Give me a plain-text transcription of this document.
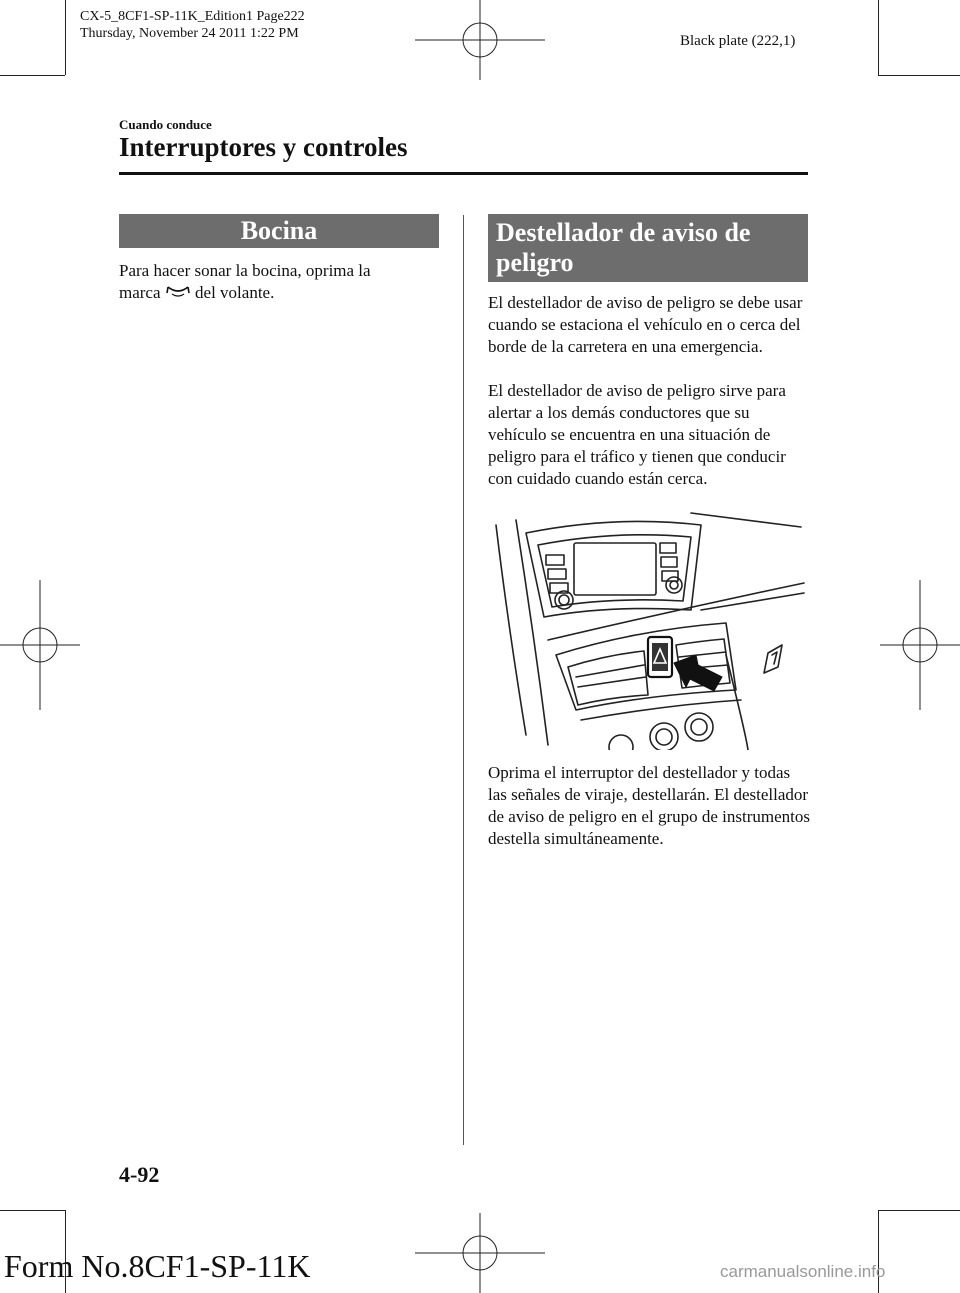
CX-5_8CF1-SP-11K_Edition1 Page222
Thursday, November 24 2011 1:22 PM	Black plate (222,1)
Cuando conduce
Interruptores y controles
Bocina
Para hacer sonar la bocina, oprima la
marca del volante.
Destellador de aviso de
peligro

El destellador de aviso de peligro se debe usar cuando se estaciona el vehículo en o cerca del borde de la carretera en una emergencia.

El destellador de aviso de peligro sirve para alertar a los demás conductores que su vehículo se encuentra en una situación de peligro para el tráfico y tienen que conducir con cuidado cuando están cerca.

Oprima el interruptor del destellador y todas las señales de viraje, destellarán. El destellador de aviso de peligro en el grupo de instrumentos destella simultáneamente.

4-92
Form No.8CF1-SP-11K	carmanualsonline.info
